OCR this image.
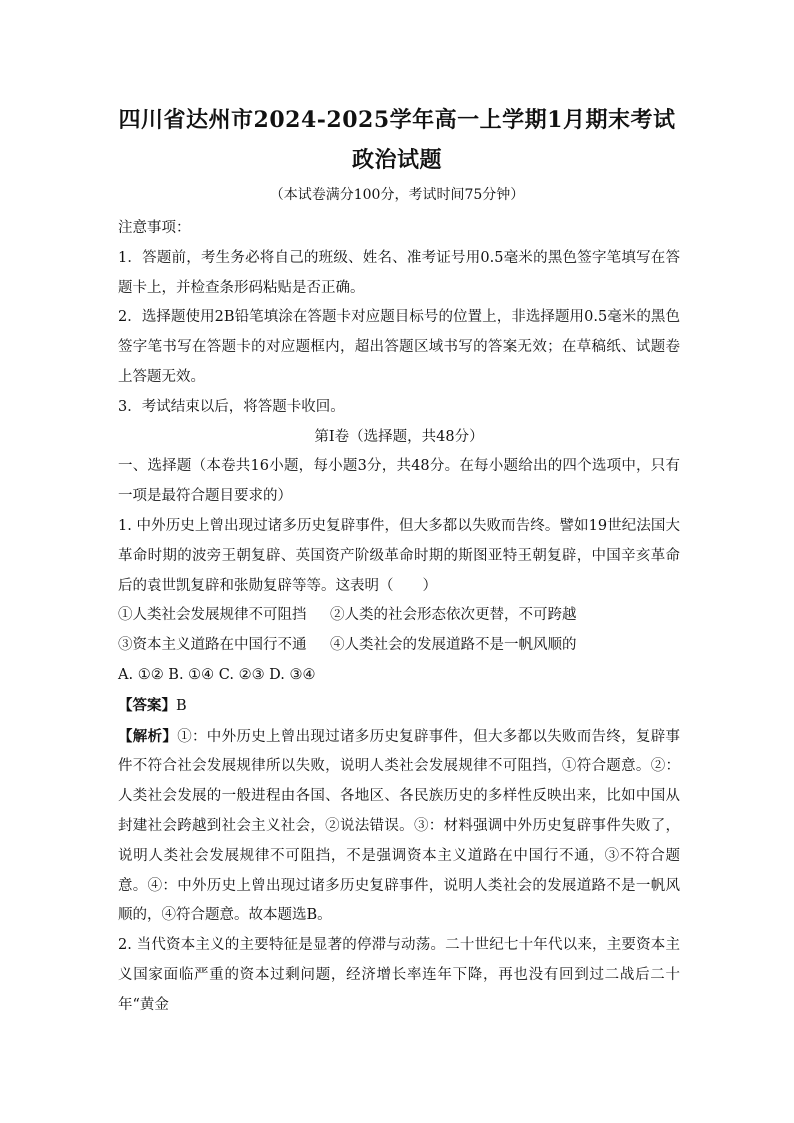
四川省达州市2024-2025学年高一上学期1月期末考试
政治试题
（本试卷满分100分，考试时间75分钟）

注意事项：

1．答题前，考生务必将自己的班级、姓名、准考证号用0.5毫米的黑色签字笔填写在答题卡上，并检查条形码粘贴是否正确。

2．选择题使用2B铅笔填涂在答题卡对应题目标号的位置上，非选择题用0.5毫米的黑色签字笔书写在答题卡的对应题框内，超出答题区域书写的答案无效；在草稿纸、试题卷上答题无效。

3．考试结束以后，将答题卡收回。

第Ⅰ卷（选择题，共48分）

一、选择题（本卷共16小题，每小题3分，共48分。在每小题给出的四个选项中，只有一项是最符合题目要求的）

1. 中外历史上曾出现过诸多历史复辟事件，但大多都以失败而告终。譬如19世纪法国大革命时期的波旁王朝复辟、英国资产阶级革命时期的斯图亚特王朝复辟，中国辛亥革命后的袁世凯复辟和张勋复辟等等。这表明（　　）

①人类社会发展规律不可阻挡	②人类的社会形态依次更替，不可跨越
③资本主义道路在中国行不通	④人类社会的发展道路不是一帆风顺的

A. ①② B. ①④ C. ②③ D. ③④

【答案】B

【解析】①：中外历史上曾出现过诸多历史复辟事件，但大多都以失败而告终，复辟事件不符合社会发展规律所以失败，说明人类社会发展规律不可阻挡，①符合题意。②：人类社会发展的一般进程由各国、各地区、各民族历史的多样性反映出来，比如中国从封建社会跨越到社会主义社会，②说法错误。③：材料强调中外历史复辟事件失败了，说明人类社会发展规律不可阻挡，不是强调资本主义道路在中国行不通，③不符合题意。④：中外历史上曾出现过诸多历史复辟事件，说明人类社会的发展道路不是一帆风顺的，④符合题意。故本题选B。

2. 当代资本主义的主要特征是显著的停滞与动荡。二十世纪七十年代以来，主要资本主义国家面临严重的资本过剩问题，经济增长率连年下降，再也没有回到过二战后二十年“黄金
